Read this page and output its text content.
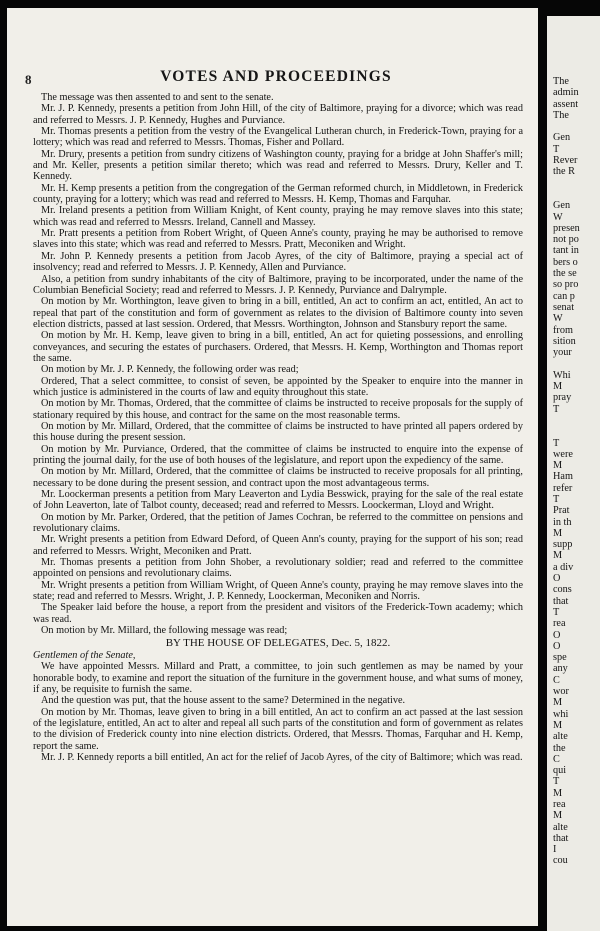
8	VOTES AND PROCEEDINGS

The message was then assented to and sent to the senate.

Mr. J. P. Kennedy, presents a petition from John Hill, of the city of Baltimore, praying for a divorce; which was read and referred to Messrs. J. P. Kennedy, Hughes and Purviance.

Mr. Thomas presents a petition from the vestry of the Evangelical Lutheran church, in Frederick-Town, praying for a lottery; which was read and referred to Messrs. Thomas, Fisher and Pollard.

Mr. Drury, presents a petition from sundry citizens of Washington county, praying for a bridge at John Shaffer's mill; and Mr. Keller, presents a petition similar thereto; which was read and referred to Messrs. Drury, Keller and T. Kennedy.

Mr. H. Kemp presents a petition from the congregation of the German reformed church, in Middletown, in Frederick county, praying for a lottery; which was read and referred to Messrs. H. Kemp, Thomas and Farquhar.

Mr. Ireland presents a petition from William Knight, of Kent county, praying he may remove slaves into this state; which was read and referred to Messrs. Ireland, Cannell and Massey.

Mr. Pratt presents a petition from Robert Wright, of Queen Anne's county, praying he may be authorised to remove slaves into this state; which was read and referred to Messrs. Pratt, Meconiken and Wright.

Mr. John P. Kennedy presents a petition from Jacob Ayres, of the city of Baltimore, praying a special act of insolvency; read and referred to Messrs. J. P. Kennedy, Allen and Purviance.

Also, a petition from sundry inhabitants of the city of Baltimore, praying to be incorporated, under the name of the Columbian Beneficial Society; read and referred to Messrs. J. P. Kennedy, Purviance and Dalrymple.

On motion by Mr. Worthington, leave given to bring in a bill, entitled, An act to confirm an act, entitled, An act to repeal that part of the constitution and form of government as relates to the division of Baltimore county into seven election districts, passed at last session. Ordered, that Messrs. Worthington, Johnson and Stansbury report the same.

On motion by Mr. H. Kemp, leave given to bring in a bill, entitled, An act for quieting possessions, and enrolling conveyances, and securing the estates of purchasers. Ordered, that Messrs. H. Kemp, Worthington and Thomas report the same.

On motion by Mr. J. P. Kennedy, the following order was read;

Ordered, That a select committee, to consist of seven, be appointed by the Speaker to enquire into the manner in which justice is administered in the courts of law and equity throughout this state.

On motion by Mr. Thomas, Ordered, that the committee of claims be instructed to receive proposals for the supply of stationary required by this house, and contract for the same on the most reasonable terms.

On motion by Mr. Millard, Ordered, that the committee of claims be instructed to have printed all papers ordered by this house during the present session.

On motion by Mr. Purviance, Ordered, that the committee of claims be instructed to enquire into the expense of printing the journal daily, for the use of both houses of the legislature, and report upon the expediency of the same.

On motion by Mr. Millard, Ordered, that the committee of claims be instructed to receive proposals for all printing, necessary to be done during the present session, and contract upon the most advantageous terms.

Mr. Loockerman presents a petition from Mary Leaverton and Lydia Besswick, praying for the sale of the real estate of John Leaverton, late of Talbot county, deceased; read and referred to Messrs. Loockerman, Lloyd and Wright.

On motion by Mr. Parker, Ordered, that the petition of James Cochran, be referred to the committee on pensions and revolutionary claims.

Mr. Wright presents a petition from Edward Deford, of Queen Ann's county, praying for the support of his son; read and referred to Messrs. Wright, Meconiken and Pratt.

Mr. Thomas presents a petition from John Shober, a revolutionary soldier; read and referred to the committee appointed on pensions and revolutionary claims.

Mr. Wright presents a petition from William Wright, of Queen Anne's county, praying he may remove slaves into the state; read and referred to Messrs. Wright, J. P. Kennedy, Loockerman, Meconiken and Norris.

The Speaker laid before the house, a report from the president and visitors of the Frederick-Town academy; which was read.

On motion by Mr. Millard, the following message was read;

BY THE HOUSE OF DELEGATES, Dec. 5, 1822.

Gentlemen of the Senate,

We have appointed Messrs. Millard and Pratt, a committee, to join such gentlemen as may be named by your honorable body, to examine and report the situation of the furniture in the government house, and what sums of money, if any, be requisite to furnish the same.

And the question was put, that the house assent to the same? Determined in the negative.

On motion by Mr. Thomas, leave given to bring in a bill entitled, An act to confirm an act passed at the last session of the legislature, entitled, An act to alter and repeal all such parts of the constitution and form of government as relates to the division of Frederick county into nine election districts. Ordered, that Messrs. Thomas, Farquhar and H. Kemp, report the same.

Mr. J. P. Kennedy reports a bill entitled, An act for the relief of Jacob Ayres, of the city of Baltimore; which was read.

The
admin
assent
The
Gen
T
Rever
the R
Gen
W
presen
not po
tant in
bers o
the se
so pro
can p
senat
W
from
sition
your
Whi
M
pray
T
T
were
M
Ham
refer
T
Prat
in th
M
supp
M
a div
O
cons
that
T
rea
O
O
spe
any
C
wor
M
whi
M
alte
the
C
qui
T
M
rea
M
alte
that
I
cou
